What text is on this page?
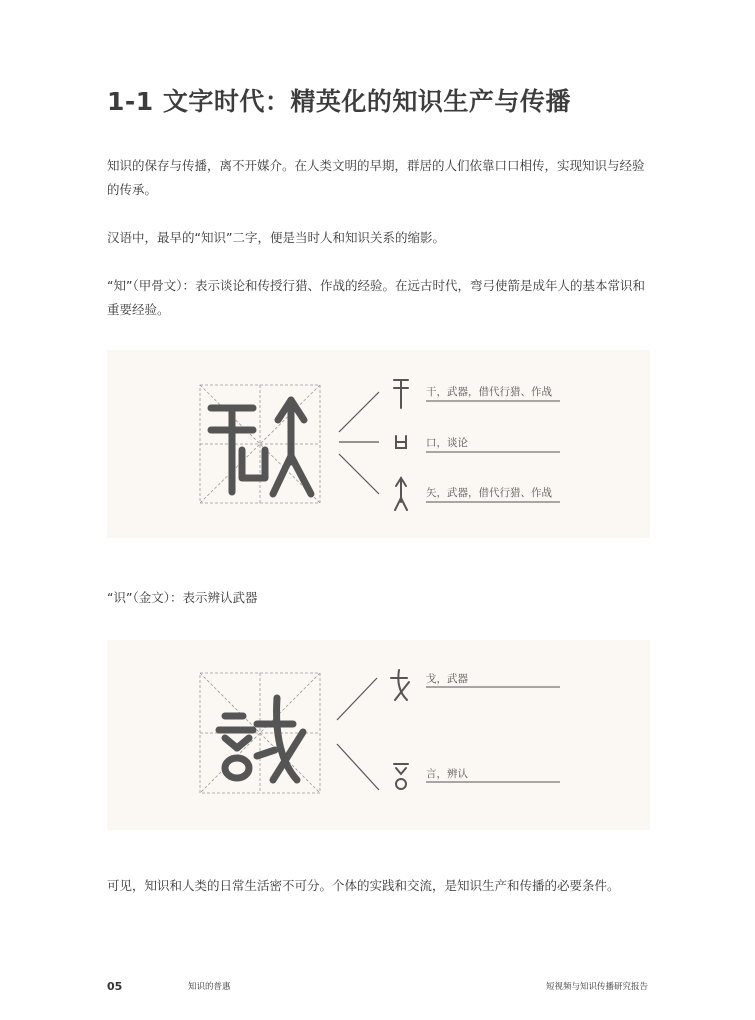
1-1 文字时代：精英化的知识生产与传播

知识的保存与传播，离不开媒介。在人类文明的早期，群居的人们依靠口口相传，实现知识与经验的传承。

汉语中，最早的“知识”二字，便是当时人和知识关系的缩影。

“知”（甲骨文）：表示谈论和传授行猎、作战的经验。在远古时代，弯弓使箭是成年人的基本常识和重要经验。

干，武器，借代行猎、作战
口，谈论
矢，武器，借代行猎、作战

“识”（金文）：表示辨认武器

戈，武器
言，辨认

可见，知识和人类的日常生活密不可分。个体的实践和交流，是知识生产和传播的必要条件。

05	知识的普惠	短视频与知识传播研究报告
